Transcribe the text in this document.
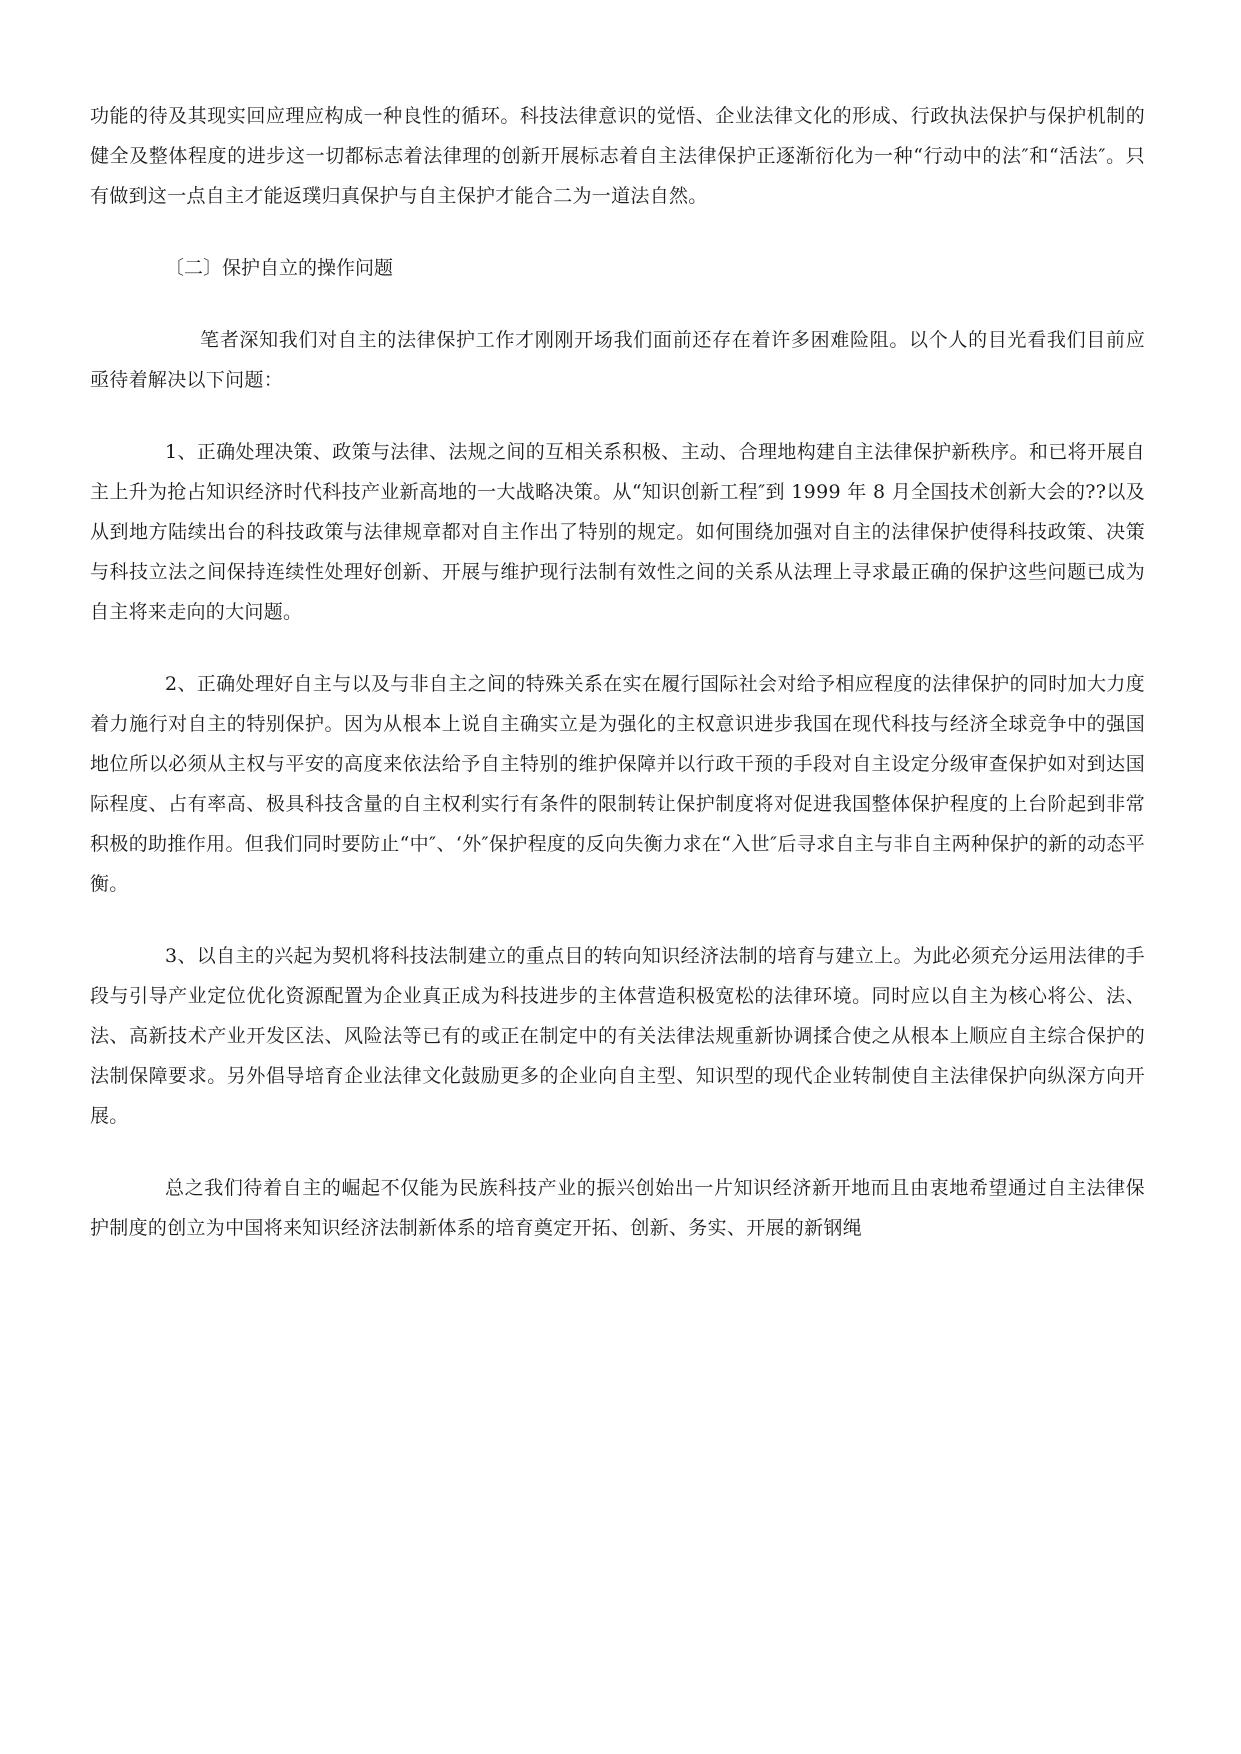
功能的待及其现实回应理应构成一种良性的循环。科技法律意识的觉悟、企业法律文化的形成、行政执法保护与保护机制的健全及整体程度的进步这一切都标志着法律理的创新开展标志着自主法律保护正逐渐衍化为一种“行动中的法″和“活法″。只有做到这一点自主才能返璞归真保护与自主保护才能合二为一道法自然。

〔二〕保护自立的操作问题

笔者深知我们对自主的法律保护工作才刚刚开场我们面前还存在着许多困难险阻。以个人的目光看我们目前应亟待着解决以下问题：

1、正确处理决策、政策与法律、法规之间的互相关系积极、主动、合理地构建自主法律保护新秩序。和已将开展自主上升为抢占知识经济时代科技产业新高地的一大战略决策。从“知识创新工程″到 1999 年 8 月全国技术创新大会的??以及从到地方陆续出台的科技政策与法律规章都对自主作出了特别的规定。如何围绕加强对自主的法律保护使得科技政策、决策与科技立法之间保持连续性处理好创新、开展与维护现行法制有效性之间的关系从法理上寻求最正确的保护这些问题已成为自主将来走向的大问题。

2、正确处理好自主与以及与非自主之间的特殊关系在实在履行国际社会对给予相应程度的法律保护的同时加大力度着力施行对自主的特别保护。因为从根本上说自主确实立是为强化的主权意识进步我国在现代科技与经济全球竞争中的强国地位所以必须从主权与平安的高度来依法给予自主特别的维护保障并以行政干预的手段对自主设定分级审查保护如对到达国际程度、占有率高、极具科技含量的自主权利实行有条件的限制转让保护制度将对促进我国整体保护程度的上台阶起到非常积极的助推作用。但我们同时要防止“中″、‘外″保护程度的反向失衡力求在“入世″后寻求自主与非自主两种保护的新的动态平衡。

3、以自主的兴起为契机将科技法制建立的重点目的转向知识经济法制的培育与建立上。为此必须充分运用法律的手段与引导产业定位优化资源配置为企业真正成为科技进步的主体营造积极宽松的法律环境。同时应以自主为核心将公、法、法、高新技术产业开发区法、风险法等已有的或正在制定中的有关法律法规重新协调揉合使之从根本上顺应自主综合保护的法制保障要求。另外倡导培育企业法律文化鼓励更多的企业向自主型、知识型的现代企业转制使自主法律保护向纵深方向开展。

总之我们待着自主的崛起不仅能为民族科技产业的振兴创始出一片知识经济新开地而且由衷地希望通过自主法律保护制度的创立为中国将来知识经济法制新体系的培育奠定开拓、创新、务实、开展的新钢绳
